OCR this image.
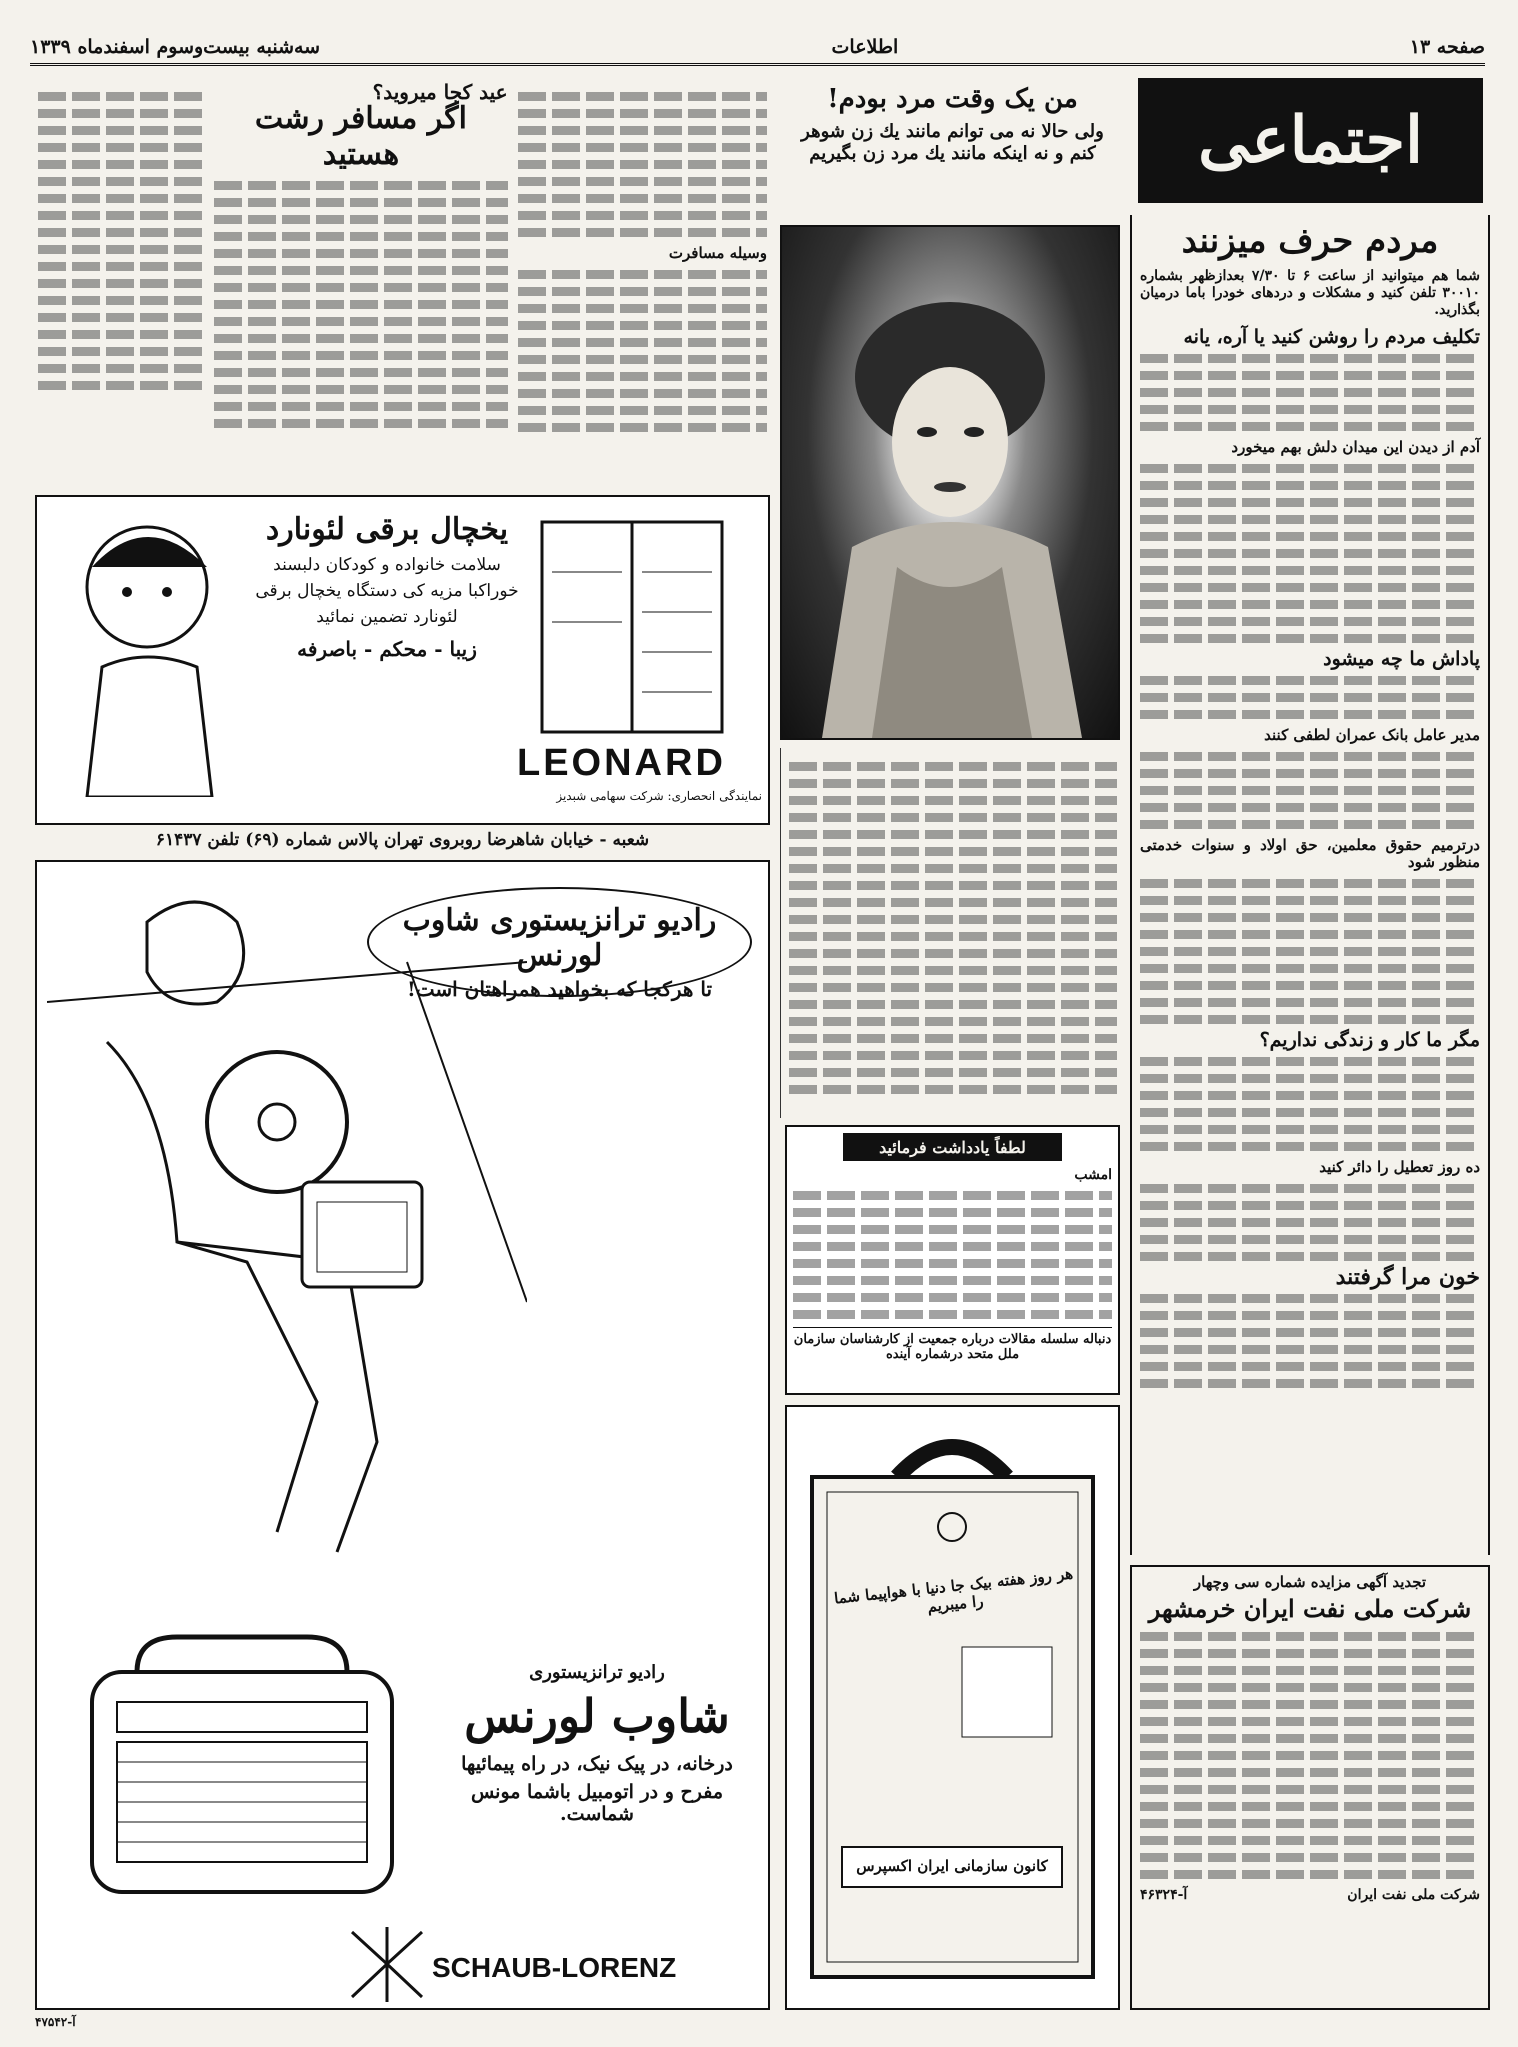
صفحه ۱۳
اطلاعات
سه‌شنبه بیست‌وسوم اسفندماه ۱۳۳۹
اجتماعی
مردم حرف میزنند
شما هم میتوانید از ساعت ۶ تا ۷/۳۰ بعدازظهر بشماره ۳۰۰۱۰ تلفن کنید و مشکلات و دردهای خودرا باما درمیان بگذارید.
تکلیف مردم را روشن کنید یا آره، یانه
آدم از دیدن این میدان دلش بهم میخورد
پاداش ما چه میشود
مدیر عامل بانک عمران لطفی کنند
درترمیم حقوق معلمین، حق اولاد و سنوات خدمتی منظور شود
مگر ما کار و زندگی نداریم؟
ده روز تعطیل را دائر کنید
خون مرا گرفتند
تجدید آگهی مزایده شماره سی وچهار
شرکت ملی نفت ایران خرمشهر
شرکت ملی نفت ایران
آ-۴۶۳۲۴
من یک وقت مرد بودم!
ولی حالا نه می توانم مانند یك زن شوهر کنم و نه اینکه مانند یك مرد زن بگیریم
لطفاً یادداشت فرمائید
امشب
دنباله سلسله مقالات درباره جمعیت از کارشناسان سازمان ملل متحد درشماره آینده
هر روز هفته بیک جا دنیا با هواپیما شما را میبریم
کانون سازمانی ایران اکسپرس
وسیله مسافرت
عید کجا میروید؟
اگر مسافر رشت هستید
یخچال برقی لئونارد
سلامت خانواده و کودکان دلبسند
خوراکبا مزیه کی دستگاه یخچال برقی
لئونارد تضمین نمائید
زیبا - محکم - باصرفه
LEONARD
نمایندگی انحصاری: شرکت سهامی شبدیز
شعبه - خیابان شاهرضا روبروی تهران پالاس شماره (۶۹) تلفن ۶۱۴۳۷
رادیو ترانزیستوری شاوب لورنس
تا هرکجا که بخواهید همراهتان است!
رادیو ترانزیستوری
شاوب لورنس
درخانه، در پیک نیک، در راه پیمائیها
مفرح و در اتومبیل باشما مونس شماست.
SCHAUB-LORENZ
آ-۴۷۵۴۲
